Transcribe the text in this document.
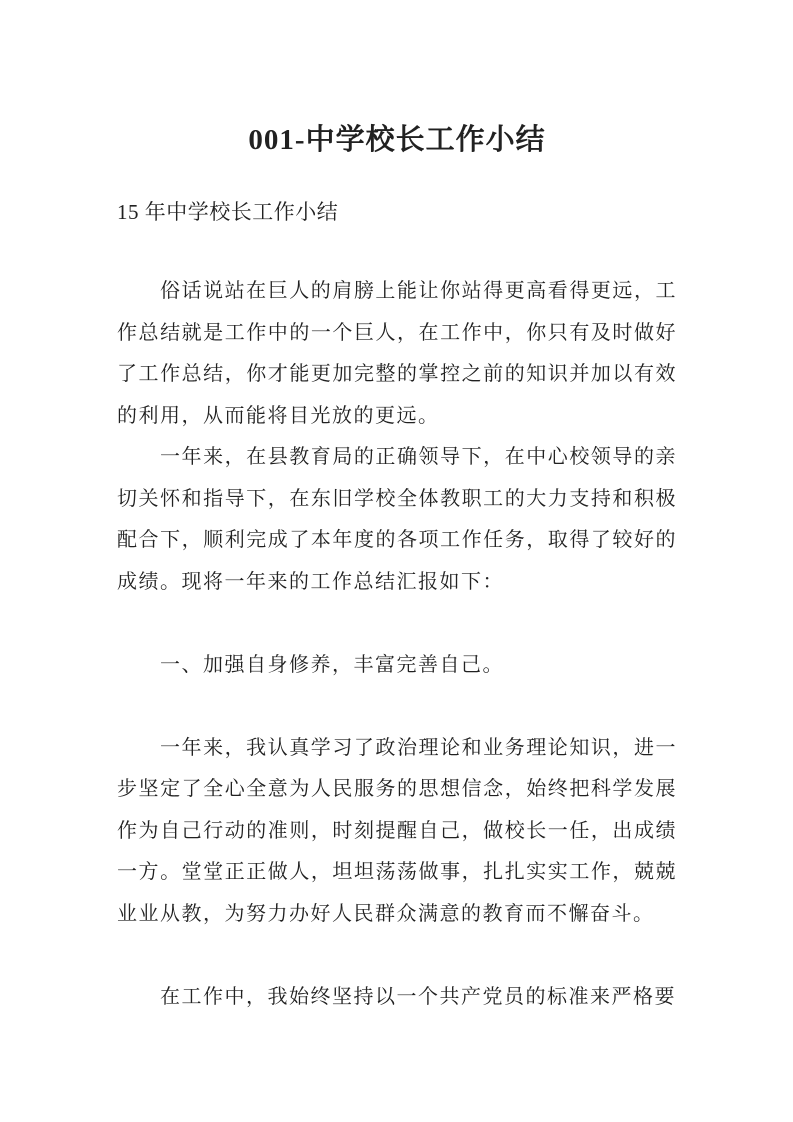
001-中学校长工作小结

15 年中学校长工作小结

俗话说站在巨人的肩膀上能让你站得更高看得更远，工作总结就是工作中的一个巨人，在工作中，你只有及时做好了工作总结，你才能更加完整的掌控之前的知识并加以有效的利用，从而能将目光放的更远。

一年来，在县教育局的正确领导下，在中心校领导的亲切关怀和指导下，在东旧学校全体教职工的大力支持和积极配合下，顺利完成了本年度的各项工作任务，取得了较好的成绩。现将一年来的工作总结汇报如下：

一、加强自身修养，丰富完善自己。

一年来，我认真学习了政治理论和业务理论知识，进一步坚定了全心全意为人民服务的思想信念，始终把科学发展作为自己行动的准则，时刻提醒自己，做校长一任，出成绩一方。堂堂正正做人，坦坦荡荡做事，扎扎实实工作，兢兢业业从教，为努力办好人民群众满意的教育而不懈奋斗。

在工作中，我始终坚持以一个共产党员的标准来严格要
